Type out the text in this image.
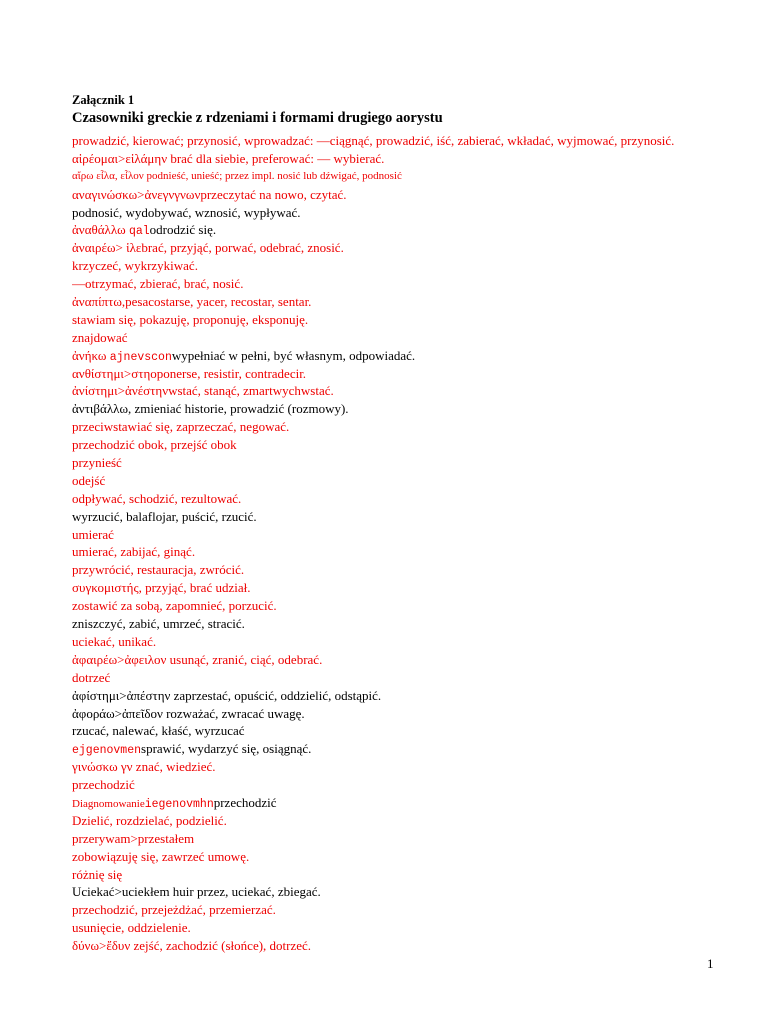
Załącznik 1
Czasowniki greckie z rdzeniami i formami drugiego aorystu
prowadzić, kierować; przynosić, wprowadzać: —ciągnąć, prowadzić, iść, zabierać, wkładać, wyjmować, przynosić.
αἱρέομαι>εἱλάμην brać dla siebie, preferować: — wybierać.
αἴρω εἶλα, εἶλον podnieść, unieść; przez impl. nosić lub dźwigać, podnosić
αναγινώσκω>ἀνεγνγνωνprzeczytać na nowo, czytać.
podnosić, wydobywać, wznosić, wypływać.
ἀναθάλλω qalodrodzić się.
ἀναιρέω> ἱλεbrać, przyjąć, porwać, odebrać, znosić.
krzyczeć, wykrzykiwać.
—otrzymać, zbierać, brać, nosić.
ἀναπίπτω,pesacostarse, yacer, recostar, sentar.
stawiam się, pokazuję, proponuję, eksponuję.
znajdować
ἀνήκω ajnevsconwypełniać w pełni, być własnym, odpowiadać.
ανθίστημι>στηoponerse, resistir, contradecir.
ἀνίστημι>ἀνέστηνwstać, stanąć, zmartwychwstać.
ἀντιβάλλω, zmieniać historie, prowadzić (rozmowy).
przeciwstawiać się, zaprzeczać, negować.
przechodzić obok, przejść obok
przynieść
odejść
odpływać, schodzić, rezultować.
wyrzucić, balaflojar, puścić, rzucić.
umierać
umierać, zabijać, ginąć.
przywrócić, restauracja, zwrócić.
συγκομιστής, przyjąć, brać udział.
zostawić za sobą, zapomnieć, porzucić.
zniszczyć, zabić, umrzeć, stracić.
uciekać, unikać.
ἀφαιρέω>ἀφειλον usunąć, zranić, ciąć, odebrać.
dotrzeć
ἀφίστημι>ἀπέστην zaprzestać, opuścić, oddzielić, odstąpić.
ἀφοράω>ἀπεῖδον rozważać, zwracać uwagę.
rzucać, nalewać, kłaść, wyrzucać
ejgenovmensprawić, wydarzyć się, osiągnąć.
γινώσκω γν znać, wiedzieć.
przechodzić
Diagnomowanieiegenovmhnprzechodzić
Dzielić, rozdzielać, podzielić.
przerywam>przestałem
zobowiązuję się, zawrzeć umowę.
różnię się
Uciekać>uciekłem huir przez, uciekać, zbiegać.
przechodzić, przejeżdżać, przemierzać.
usunięcie, oddzielenie.
δύνω>ἔδυν zejść, zachodzić (słońce), dotrzeć.
1
